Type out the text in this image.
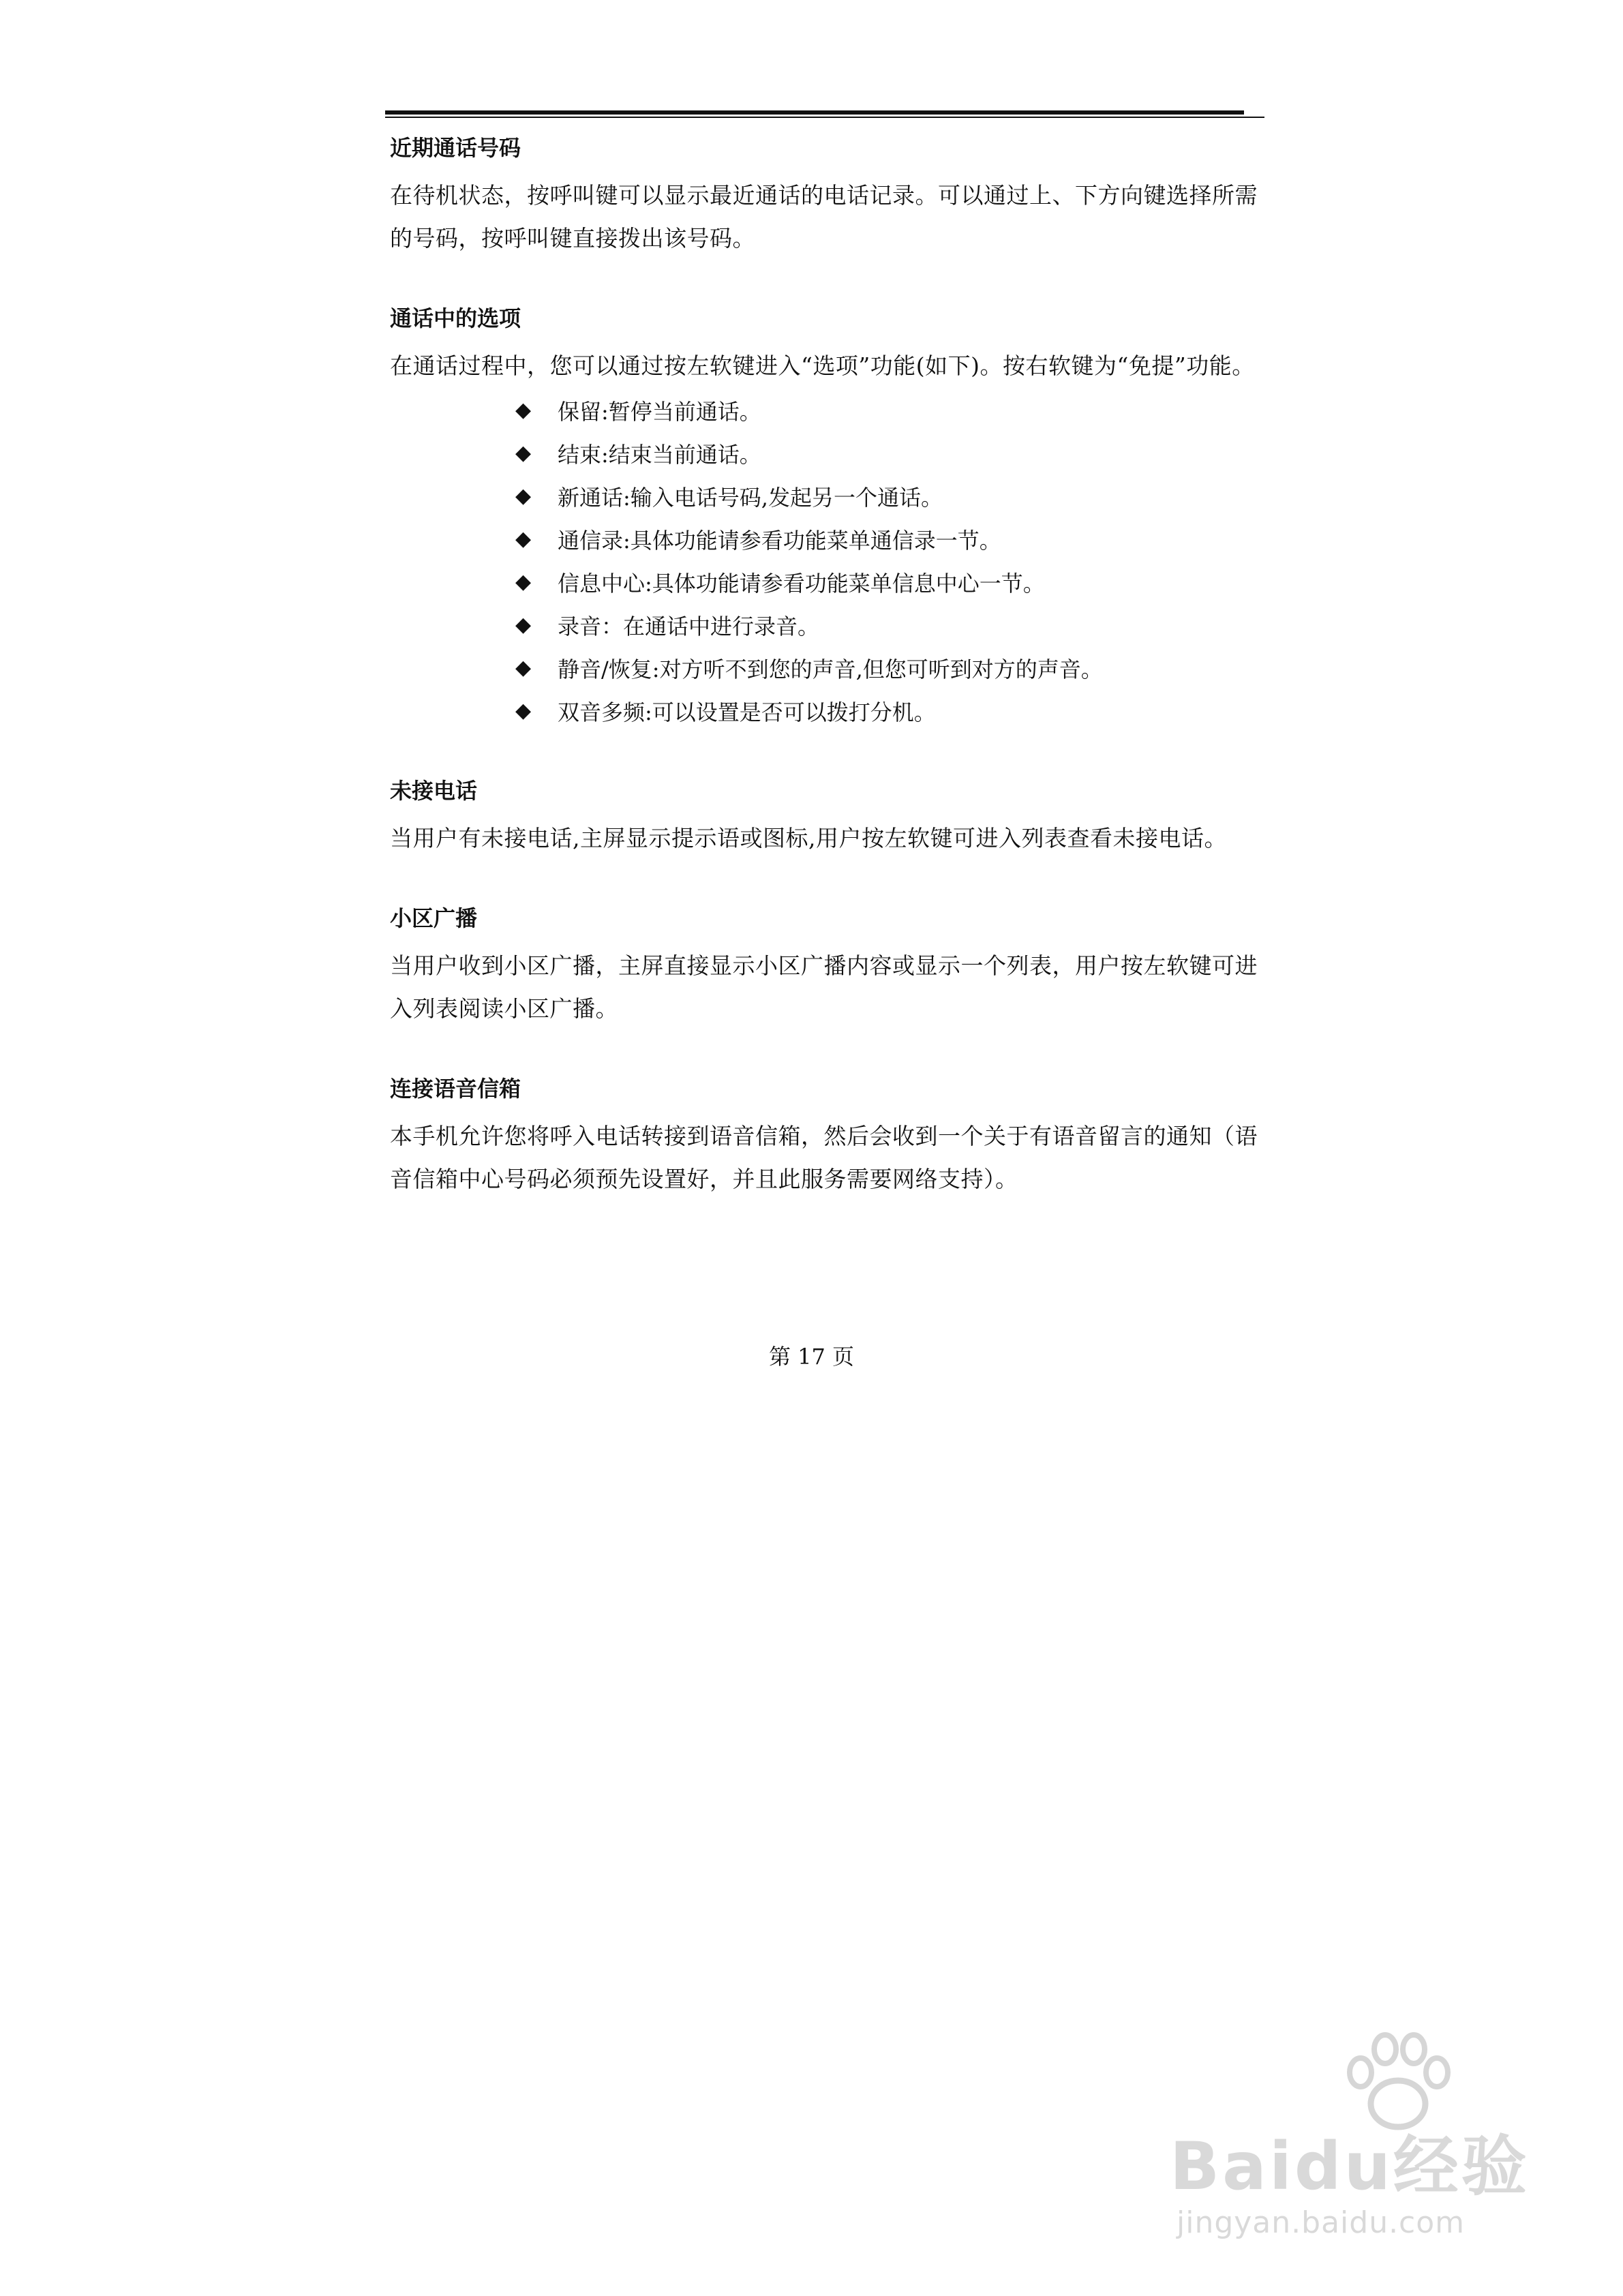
近期通话号码

在待机状态，按呼叫键可以显示最近通话的电话记录。可以通过上、下方向键选择所需的号码，按呼叫键直接拨出该号码。

通话中的选项

在通话过程中，您可以通过按左软键进入“选项”功能(如下)。按右软键为“免提”功能。

◆ 保留:暂停当前通话。
◆ 结束:结束当前通话。
◆ 新通话:输入电话号码,发起另一个通话。
◆ 通信录:具体功能请参看功能菜单通信录一节。
◆ 信息中心:具体功能请参看功能菜单信息中心一节。
◆ 录音：在通话中进行录音。
◆ 静音/恢复:对方听不到您的声音,但您可听到对方的声音。
◆ 双音多频:可以设置是否可以拨打分机。
未接电话

当用户有未接电话,主屏显示提示语或图标,用户按左软键可进入列表查看未接电话。

小区广播

当用户收到小区广播，主屏直接显示小区广播内容或显示一个列表，用户按左软键可进入列表阅读小区广播。

连接语音信箱

本手机允许您将呼入电话转接到语音信箱，然后会收到一个关于有语音留言的通知（语音信箱中心号码必须预先设置好，并且此服务需要网络支持）。

第 17 页
Baidu经验
jingyan.baidu.com
